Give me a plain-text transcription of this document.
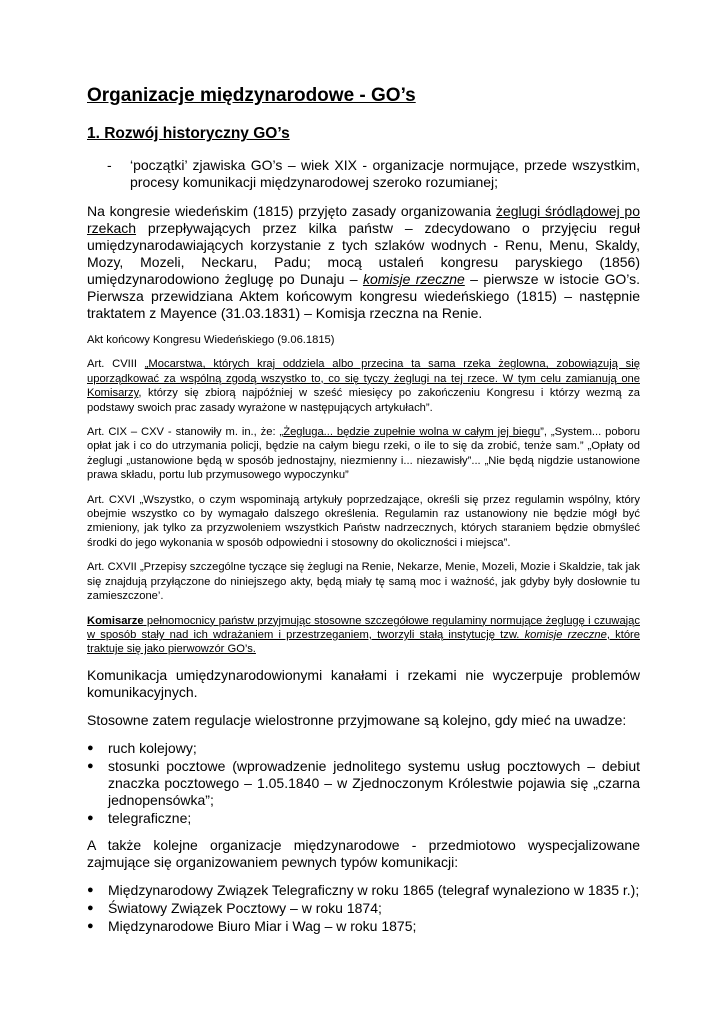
Organizacje międzynarodowe - GO’s
1. Rozwój historyczny GO’s
-	‘początki’ zjawiska GO’s – wiek XIX - organizacje normujące, przede wszystkim, procesy komunikacji międzynarodowej szeroko rozumianej;

Na kongresie wiedeńskim (1815) przyjęto zasady organizowania żeglugi śródlądowej po rzekach przepływających przez kilka państw – zdecydowano o przyjęciu reguł umiędzynarodawiających korzystanie z tych szlaków wodnych - Renu, Menu, Skaldy, Mozy, Mozeli, Neckaru, Padu; mocą ustaleń kongresu paryskiego (1856) umiędzynarodowiono żeglugę po Dunaju – komisje rzeczne – pierwsze w istocie GO’s. Pierwsza przewidziana Aktem końcowym kongresu wiedeńskiego (1815) – następnie traktatem z Mayence (31.03.1831) – Komisja rzeczna na Renie.

Akt końcowy Kongresu Wiedeńskiego (9.06.1815)

Art. CVIII „Mocarstwa, których kraj oddziela albo przecina ta sama rzeka żeglowna, zobowiązują się uporządkować za wspólną zgodą wszystko to, co się tyczy żeglugi na tej rzece. W tym celu zamianują one Komisarzy, którzy się zbiorą najpóźniej w sześć miesięcy po zakończeniu Kongresu i którzy wezmą za podstawy swoich prac zasady wyrażone w następujących artykułach”.

Art. CIX – CXV - stanowiły m. in., że: „Żegluga... będzie zupełnie wolna w całym jej biegu”, „System... poboru opłat jak i co do utrzymania policji, będzie na całym biegu rzeki, o ile to się da zrobić, tenże sam.” „Opłaty od żeglugi „ustanowione będą w sposób jednostajny, niezmienny i... niezawisły”... „Nie będą nigdzie ustanowione prawa składu, portu lub przymusowego wypoczynku”

Art. CXVI „Wszystko, o czym wspominają artykuły poprzedzające, określi się przez regulamin wspólny, który obejmie wszystko co by wymagało dalszego określenia. Regulamin raz ustanowiony nie będzie mógł być zmieniony, jak tylko za przyzwoleniem wszystkich Państw nadrzecznych, których staraniem będzie obmyśleć środki do jego wykonania w sposób odpowiedni i stosowny do okoliczności i miejsca”.

Art. CXVII „Przepisy szczególne tyczące się żeglugi na Renie, Nekarze, Menie, Mozeli, Mozie i Skaldzie, tak jak się znajdują przyłączone do niniejszego akty, będą miały tę samą moc i ważność, jak gdyby były dosłownie tu zamieszczone’.

Komisarze pełnomocnicy państw przyjmując stosowne szczegółowe regulaminy normujące żeglugę i czuwając w sposób stały nad ich wdrażaniem i przestrzeganiem, tworzyli stałą instytucję tzw. komisje rzeczne, które traktuje się jako pierwowzór GO’s.

Komunikacja umiędzynarodowionymi kanałami i rzekami nie wyczerpuje problemów komunikacyjnych.

Stosowne zatem regulacje wielostronne przyjmowane są kolejno, gdy mieć na uwadze:

●	ruch kolejowy;
●	stosunki pocztowe (wprowadzenie jednolitego systemu usług pocztowych – debiut znaczka pocztowego – 1.05.1840 – w Zjednoczonym Królestwie pojawia się „czarna jednopensówka”;
●	telegraficzne;

A także kolejne organizacje międzynarodowe - przedmiotowo wyspecjalizowane zajmujące się organizowaniem pewnych typów komunikacji:

●	Międzynarodowy Związek Telegraficzny w roku 1865 (telegraf wynaleziono w 1835 r.);
●	Światowy Związek Pocztowy – w roku 1874;
●	Międzynarodowe Biuro Miar i Wag – w roku 1875;
